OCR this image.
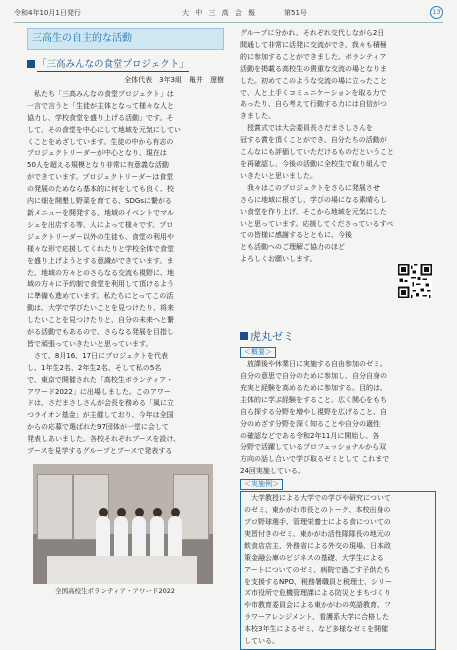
令和4年10月1日発行	大 中 三 高 会 報	第51号	13
三高生の自主的な活動
「三高みんなの食堂プロジェクト」
全体代表　3年3組　亀井　遼樹

　私たち「三高みんなの食堂プロジェクト」は

一言で言うと「生徒が主体となって様々な人と

協力し、学校食堂を盛り上げる活動」です。そ

して、その食堂を中心にして地域を元気にしてい

くことをめざしています。生徒の中から有志の

プロジェクトリーダーが中心となり、現在は

50人を超える規模となり非常に有意義な活動

ができています。プロジェクトリーダーは食堂

の発展のためなら基本的に何をしても良く、校

内に畑を開墾し野菜を育てる、SDGsに繋がる

新メニューを開発する、地域のイベントでマル

シェを出店する等、人によって様々です。プロ

ジェクトリーダー以外の生徒も、食堂の利用や

様々な形で応援してくれたりと学校全体で食堂

を盛り上げようとする意識ができています。ま

た、地域の方々とのさらなる交流も視野に、地

域の方々に予約制で食堂を利用して頂けるよう

に準備も進めています。私たちにとってこの活

動は、大学で学びたいことを見つけたり、将来

したいことを見つけたりと、自分の未来へと繋

がる活動でもあるので、さらなる発展を目指し

皆で頑張っていきたいと思っています。

　さて、8月16、17日にプロジェクトを代表

し、1年生2名、2年生2名、そして私の5名

で、東京で開催された「高校生ボランティア・

アワード2022」に出場しました。このアワー

ドは、さだまさしさんが会長を務める「風に立

つライオン基金」が主催しており、今年は全国

からの応募で選ばれた97団体が一堂に会して

発表しあいました。各校それぞれブースを設け、

ブースを見学するグループとブースで発表する

全国高校生ボランティア・アワード2022

グループに分かれ、それぞれ交代しながら2日

間通して非常に活発に交流ができ、我々も積極

的に参加することができました。ボランティア

活動を掲載る高校生の貴重な交流の場となりま

した。初めてこのような交流の場に立ったこと

で、人と上手くコミュニケーションを取る力で

あったり、自ら考えて行動する力には自信がつ

きました。

　授賞式では大会委員長さだまさしさんを

冠する賞を頂くことができ、自分たちの活動が

こんなにも評価していただけるものだということ

を再確認し、今後の活動に全校生で取り組んで

いきたいと思いました。

　我々はこのプロジェクトをさらに発展させ

さらに地域に根ざし、学びの場になる素晴らし

い食堂を作り上げ、そこから地域を元気にした

いと思っています。応援してくださっているすべ

ての皆様に感謝するとともに、今後

とも活動へのご理解ご協力のほど

よろしくお願いします。

虎丸ゼミ
＜概要＞

　放課後や休業日に実施する自由参加のゼミ。

自分の意思で自分のために参加し、自分自身の

充実と経験を高めるために参加する。目的は、

主体的に学ぶ経験をすること、広く関心をもち

自ら探する分野を増やし視野を広げること、自

分のめざす分野を深く知ることや自分の適性

の確認などである令和2年11月に開始し、各

分野で活躍しているプロフェッショナルから双

方向の話し合いで学び取るゼミとして これまで

24回実施している。

＜実施例＞

　大学教授による大学での学びや研究について

のゼミ、東かがわ市長とのトーク、本校出身の

プロ野球選手、管理栄養士による食についての

実習付きのゼミ、東かがわ活性隊隊長の地元の

飲食店店主、外務省による外交の現場、日本政

策金融公庫のビジネスの基礎、大学生による

アートについてのゼミ、病院で過ごす子供たち

を支援するNPO、税務署職員と税理士、シリー

ズ市役所で危機管理課による防災とまちづくり

や市教育委員会による東かがわの英語教育、フ

ラワーアレンジメント、看護系大学に合格した

本校3年生によるゼミ、など多様なゼミを開催

している。
